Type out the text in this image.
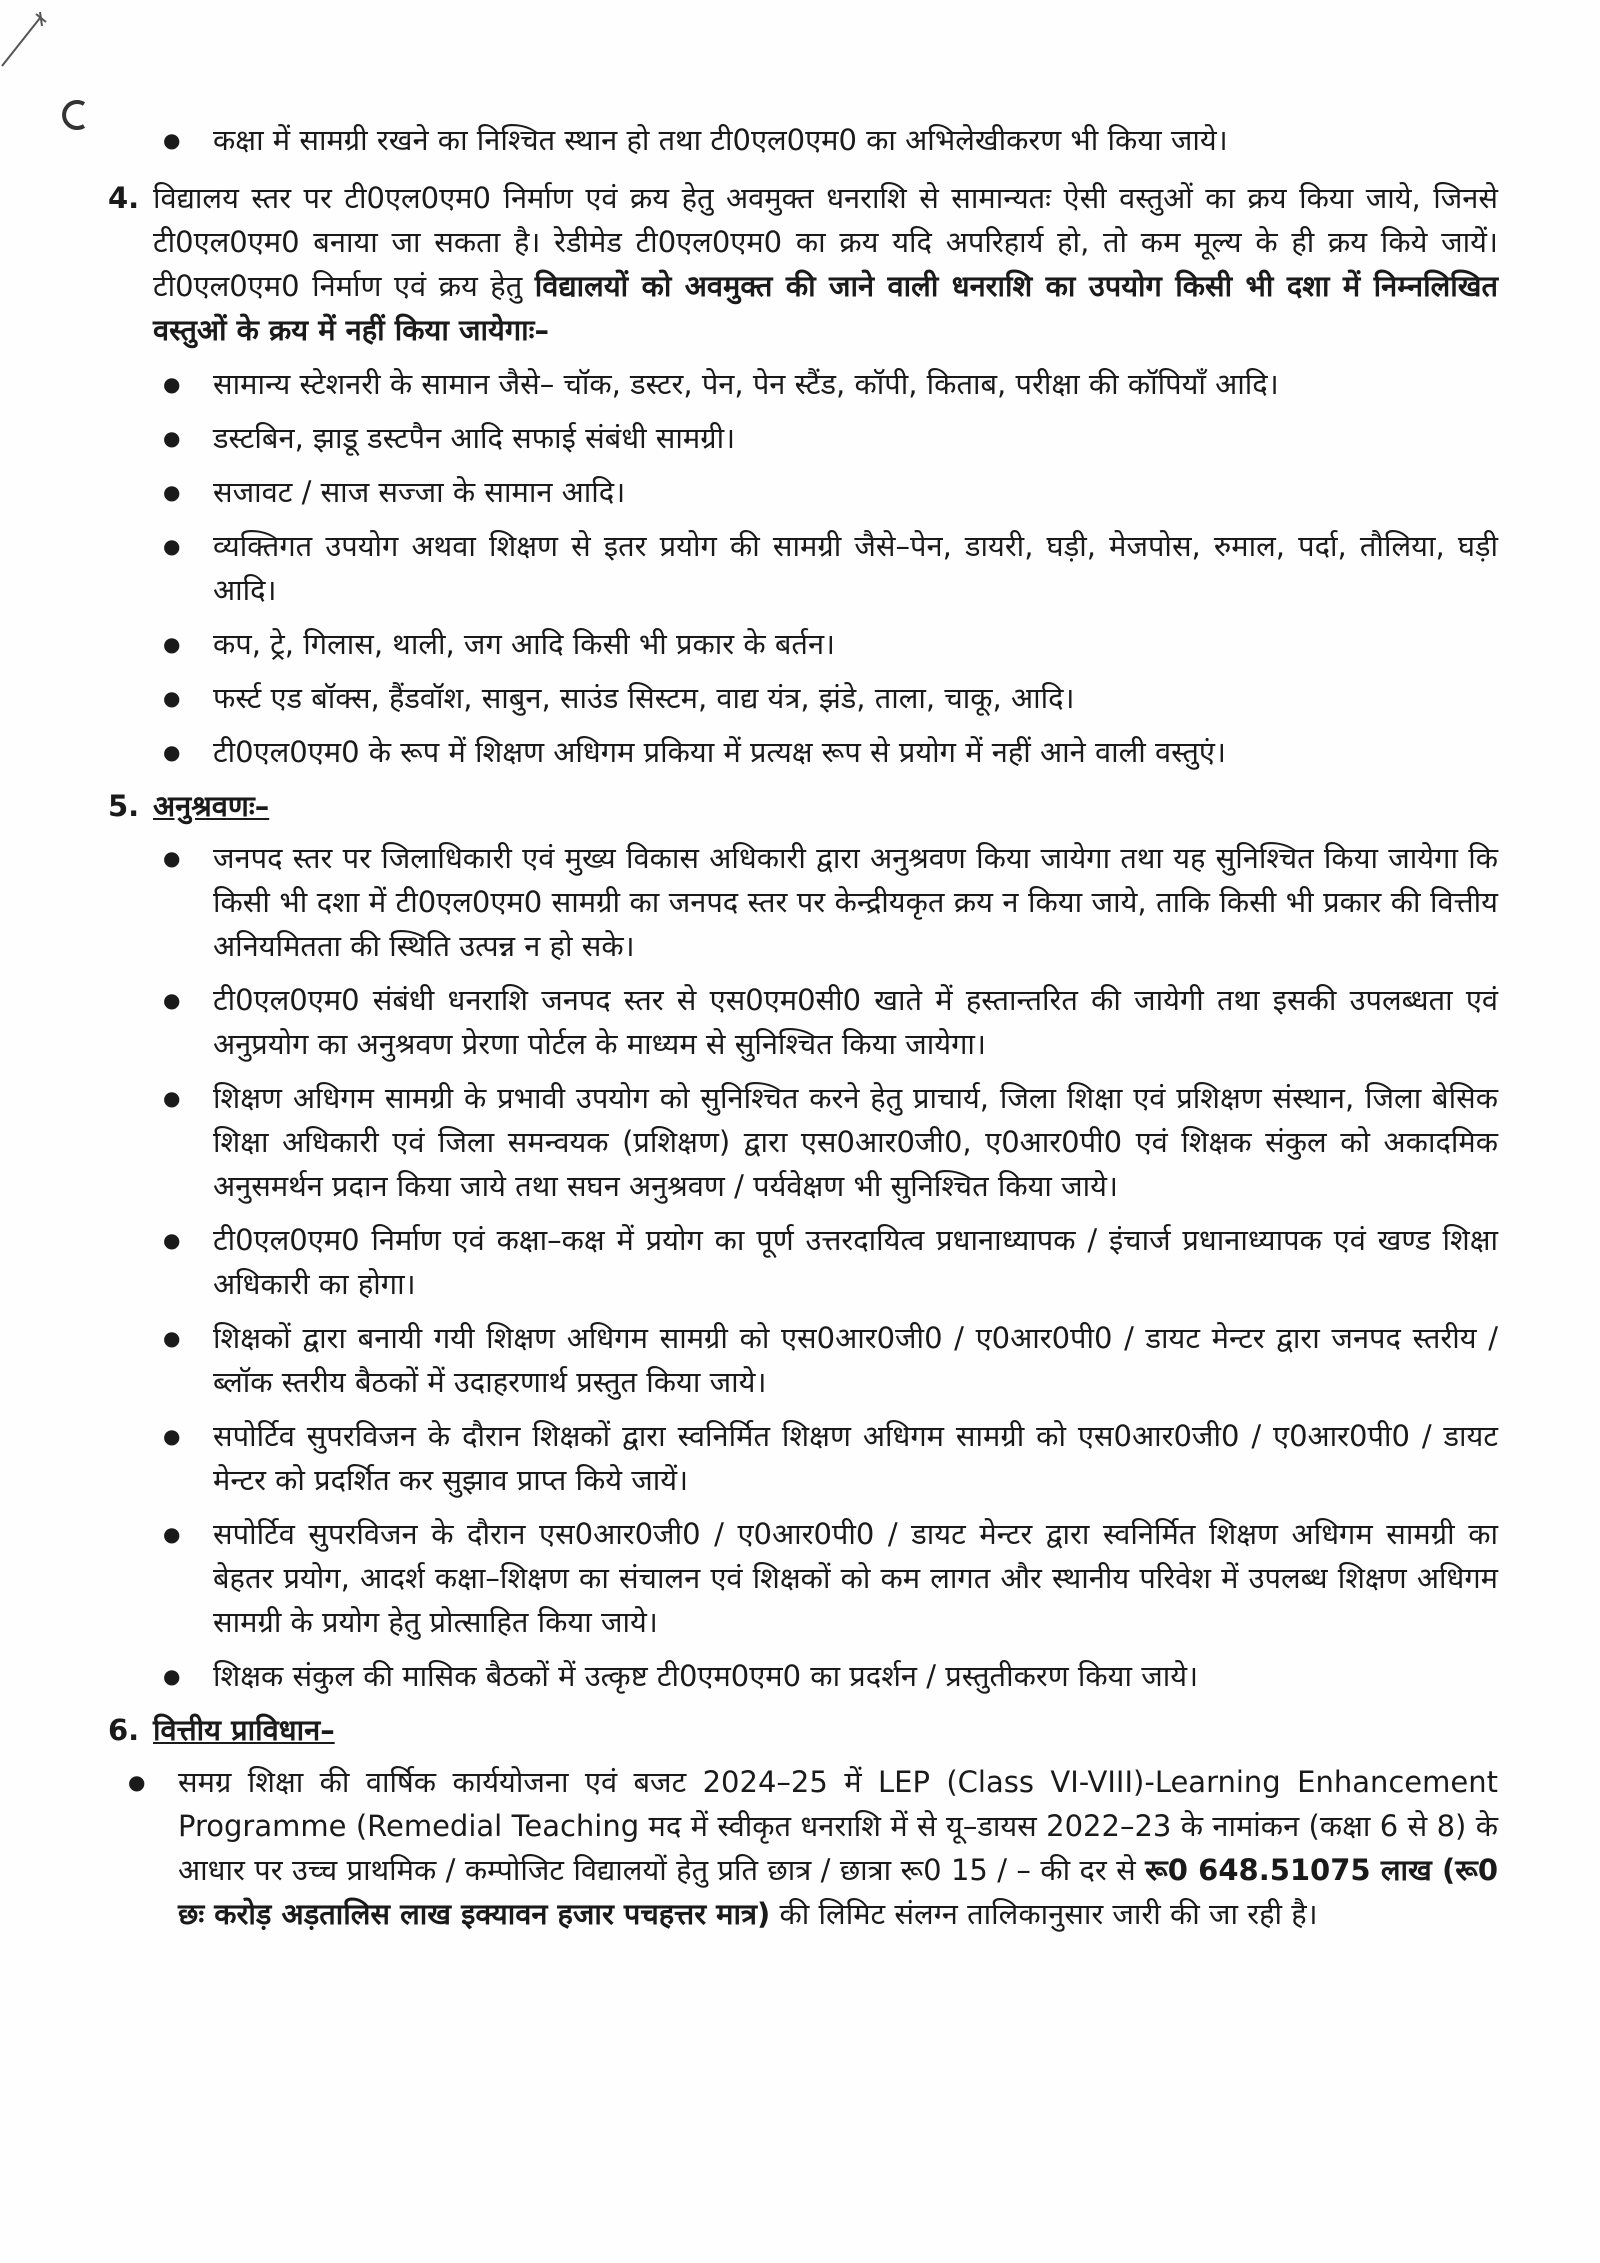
● कक्षा में सामग्री रखने का निश्चित स्थान हो तथा टी0एल0एम0 का अभिलेखीकरण भी किया जाये।
4. विद्यालय स्तर पर टी0एल0एम0 निर्माण एवं क्रय हेतु अवमुक्त धनराशि से सामान्यतः ऐसी वस्तुओं का क्रय किया जाये, जिनसे टी0एल0एम0 बनाया जा सकता है। रेडीमेड टी0एल0एम0 का क्रय यदि अपरिहार्य हो, तो कम मूल्य के ही क्रय किये जायें। टी0एल0एम0 निर्माण एवं क्रय हेतु विद्यालयों को अवमुक्त की जाने वाली धनराशि का उपयोग किसी भी दशा में निम्नलिखित वस्तुओं के क्रय में नहीं किया जायेगाः–
● सामान्य स्टेशनरी के सामान जैसे– चॉक, डस्टर, पेन, पेन स्टैंड, कॉपी, किताब, परीक्षा की कॉपियाँ आदि।
● डस्टबिन, झाडू डस्टपैन आदि सफाई संबंधी सामग्री।
● सजावट / साज सज्जा के सामान आदि।
● व्यक्तिगत उपयोग अथवा शिक्षण से इतर प्रयोग की सामग्री जैसे–पेन, डायरी, घड़ी, मेजपोस, रुमाल, पर्दा, तौलिया, घड़ी आदि।
● कप, ट्रे, गिलास, थाली, जग आदि किसी भी प्रकार के बर्तन।
● फर्स्ट एड बॉक्स, हैंडवॉश, साबुन, साउंड सिस्टम, वाद्य यंत्र, झंडे, ताला, चाकू, आदि।
● टी0एल0एम0 के रूप में शिक्षण अधिगम प्रकिया में प्रत्यक्ष रूप से प्रयोग में नहीं आने वाली वस्तुएं।
5. अनुश्रवणः–
● जनपद स्तर पर जिलाधिकारी एवं मुख्य विकास अधिकारी द्वारा अनुश्रवण किया जायेगा तथा यह सुनिश्चित किया जायेगा कि किसी भी दशा में टी0एल0एम0 सामग्री का जनपद स्तर पर केन्द्रीयकृत क्रय न किया जाये, ताकि किसी भी प्रकार की वित्तीय अनियमितता की स्थिति उत्पन्न न हो सके।
● टी0एल0एम0 संबंधी धनराशि जनपद स्तर से एस0एम0सी0 खाते में हस्तान्तरित की जायेगी तथा इसकी उपलब्धता एवं अनुप्रयोग का अनुश्रवण प्रेरणा पोर्टल के माध्यम से सुनिश्चित किया जायेगा।
● शिक्षण अधिगम सामग्री के प्रभावी उपयोग को सुनिश्चित करने हेतु प्राचार्य, जिला शिक्षा एवं प्रशिक्षण संस्थान, जिला बेसिक शिक्षा अधिकारी एवं जिला समन्वयक (प्रशिक्षण) द्वारा एस0आर0जी0, ए0आर0पी0 एवं शिक्षक संकुल को अकादमिक अनुसमर्थन प्रदान किया जाये तथा सघन अनुश्रवण / पर्यवेक्षण भी सुनिश्चित किया जाये।
● टी0एल0एम0 निर्माण एवं कक्षा–कक्ष में प्रयोग का पूर्ण उत्तरदायित्व प्रधानाध्यापक / इंचार्ज प्रधानाध्यापक एवं खण्ड शिक्षा अधिकारी का होगा।
● शिक्षकों द्वारा बनायी गयी शिक्षण अधिगम सामग्री को एस0आर0जी0 / ए0आर0पी0 / डायट मेन्टर द्वारा जनपद स्तरीय / ब्लॉक स्तरीय बैठकों में उदाहरणार्थ प्रस्तुत किया जाये।
● सपोर्टिव सुपरविजन के दौरान शिक्षकों द्वारा स्वनिर्मित शिक्षण अधिगम सामग्री को एस0आर0जी0 / ए0आर0पी0 / डायट मेन्टर को प्रदर्शित कर सुझाव प्राप्त किये जायें।
● सपोर्टिव सुपरविजन के दौरान एस0आर0जी0 / ए0आर0पी0 / डायट मेन्टर द्वारा स्वनिर्मित शिक्षण अधिगम सामग्री का बेहतर प्रयोग, आदर्श कक्षा–शिक्षण का संचालन एवं शिक्षकों को कम लागत और स्थानीय परिवेश में उपलब्ध शिक्षण अधिगम सामग्री के प्रयोग हेतु प्रोत्साहित किया जाये।
● शिक्षक संकुल की मासिक बैठकों में उत्कृष्ट टी0एम0एम0 का प्रदर्शन / प्रस्तुतीकरण किया जाये।
6. वित्तीय प्राविधान–
● समग्र शिक्षा की वार्षिक कार्ययोजना एवं बजट 2024–25 में LEP (Class VI-VIII)-Learning Enhancement Programme (Remedial Teaching मद में स्वीकृत धनराशि में से यू–डायस 2022–23 के नामांकन (कक्षा 6 से 8) के आधार पर उच्च प्राथमिक / कम्पोजिट विद्यालयों हेतु प्रति छात्र / छात्रा रू0 15 / – की दर से रू0 648.51075 लाख (रू0 छः करोड़ अड़तालिस लाख इक्यावन हजार पचहत्तर मात्र) की लिमिट संलग्न तालिकानुसार जारी की जा रही है।
